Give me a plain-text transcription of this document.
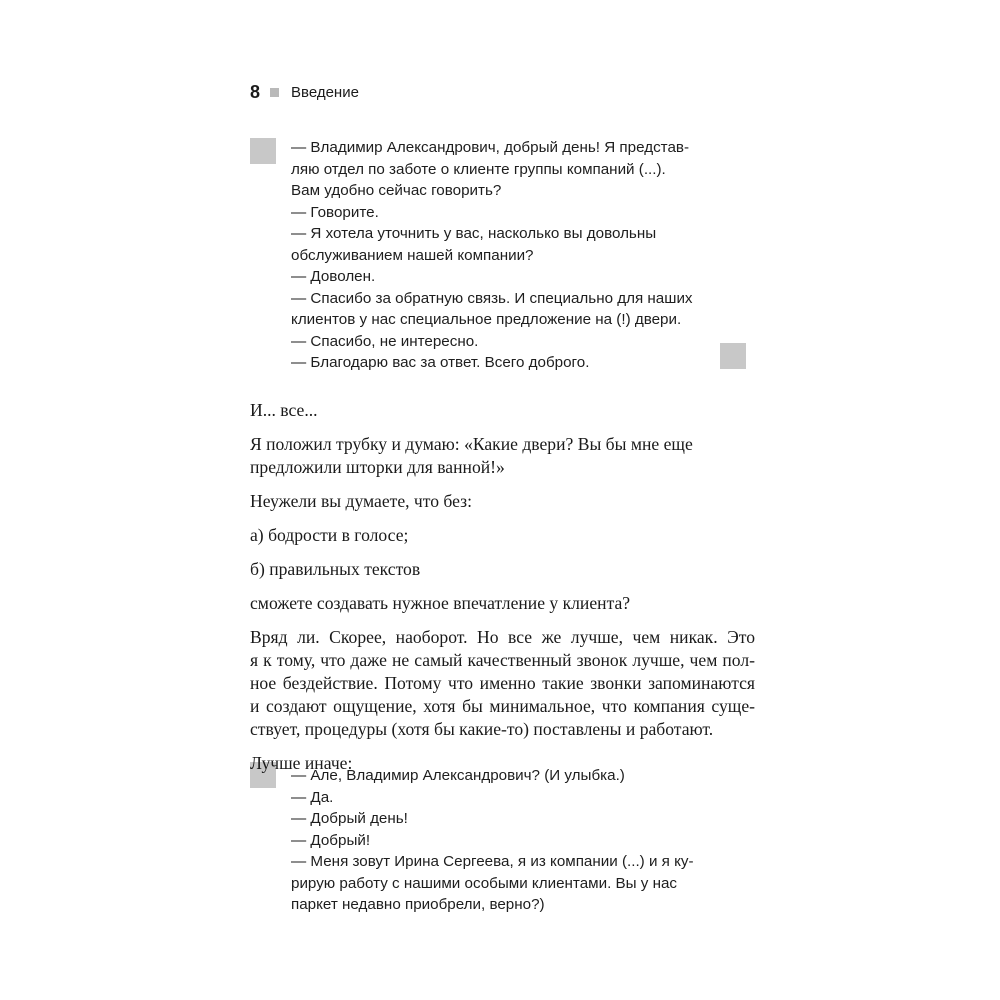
8 Введение
— Владимир Александрович, добрый день! Я представ-
ляю отдел по заботе о клиенте группы компаний (...).
Вам удобно сейчас говорить?
— Говорите.
— Я хотела уточнить у вас, насколько вы довольны
обслуживанием нашей компании?
— Доволен.
— Спасибо за обратную связь. И специально для наших
клиентов у нас специальное предложение на (!) двери.
— Спасибо, не интересно.
— Благодарю вас за ответ. Всего доброго.

И... все...

Я положил трубку и думаю: «Какие двери? Вы бы мне еще
предложили шторки для ванной!»

Неужели вы думаете, что без:

а) бодрости в голосе;

б) правильных текстов

сможете создавать нужное впечатление у клиента?

Вряд ли. Скорее, наоборот. Но все же лучше, чем никак. Это
я к тому, что даже не самый качественный звонок лучше, чем пол-
ное бездействие. Потому что именно такие звонки запоминаются
и создают ощущение, хотя бы минимальное, что компания суще-
ствует, процедуры (хотя бы какие-то) поставлены и работают.

Лучше иначе:

— Але, Владимир Александрович? (И улыбка.)
— Да.
— Добрый день!
— Добрый!
— Меня зовут Ирина Сергеева, я из компании (...) и я ку-
рирую работу с нашими особыми клиентами. Вы у нас
паркет недавно приобрели, верно?)
